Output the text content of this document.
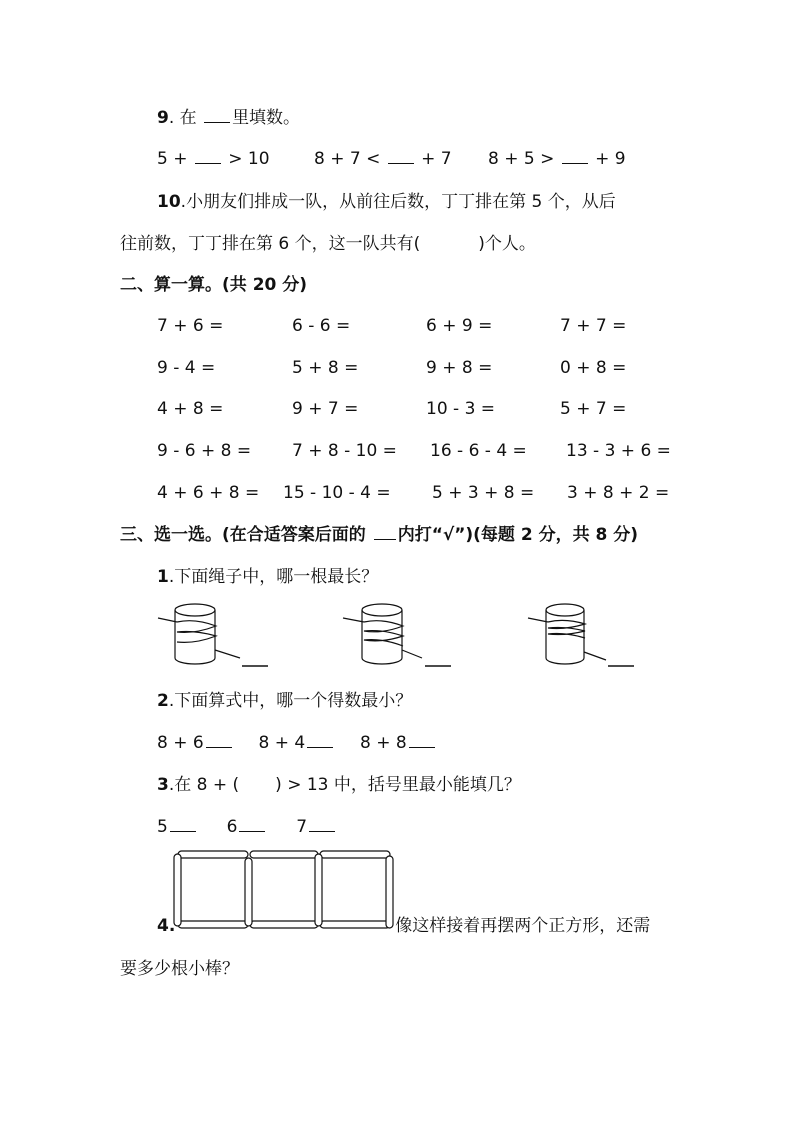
9. 在 里填数。
5 + > 10	8 + 7 < + 7 8 + 5 > + 9
10.小朋友们排成一队，从前往后数，丁丁排在第 5 个，从后
往前数，丁丁排在第 6 个，这一队共有(	)个人。
二、算一算。(共 20 分)
7 + 6 =	6 - 6 =	6 + 9 =	7 + 7 =
9 - 4 =	5 + 8 =	9 + 8 =	0 + 8 =
4 + 8 =	9 + 7 =	10 - 3 =	5 + 7 =
9 - 6 + 8 = 7 + 8 - 10 = 16 - 6 - 4 = 13 - 3 + 6 =
4 + 6 + 8 = 15 - 10 - 4 = 5 + 3 + 8 = 3 + 8 + 2 =
三、选一选。(在合适答案后面的 内打“√”)(每题 2 分，共 8 分)
1.下面绳子中，哪一根最长？
2.下面算式中，哪一个得数最小？
8 + 6	8 + 4	8 + 8
3.在 8 + ( ) > 13 中，括号里最小能填几？
5	6	7
4.	像这样接着再摆两个正方形，还需
要多少根小棒？
